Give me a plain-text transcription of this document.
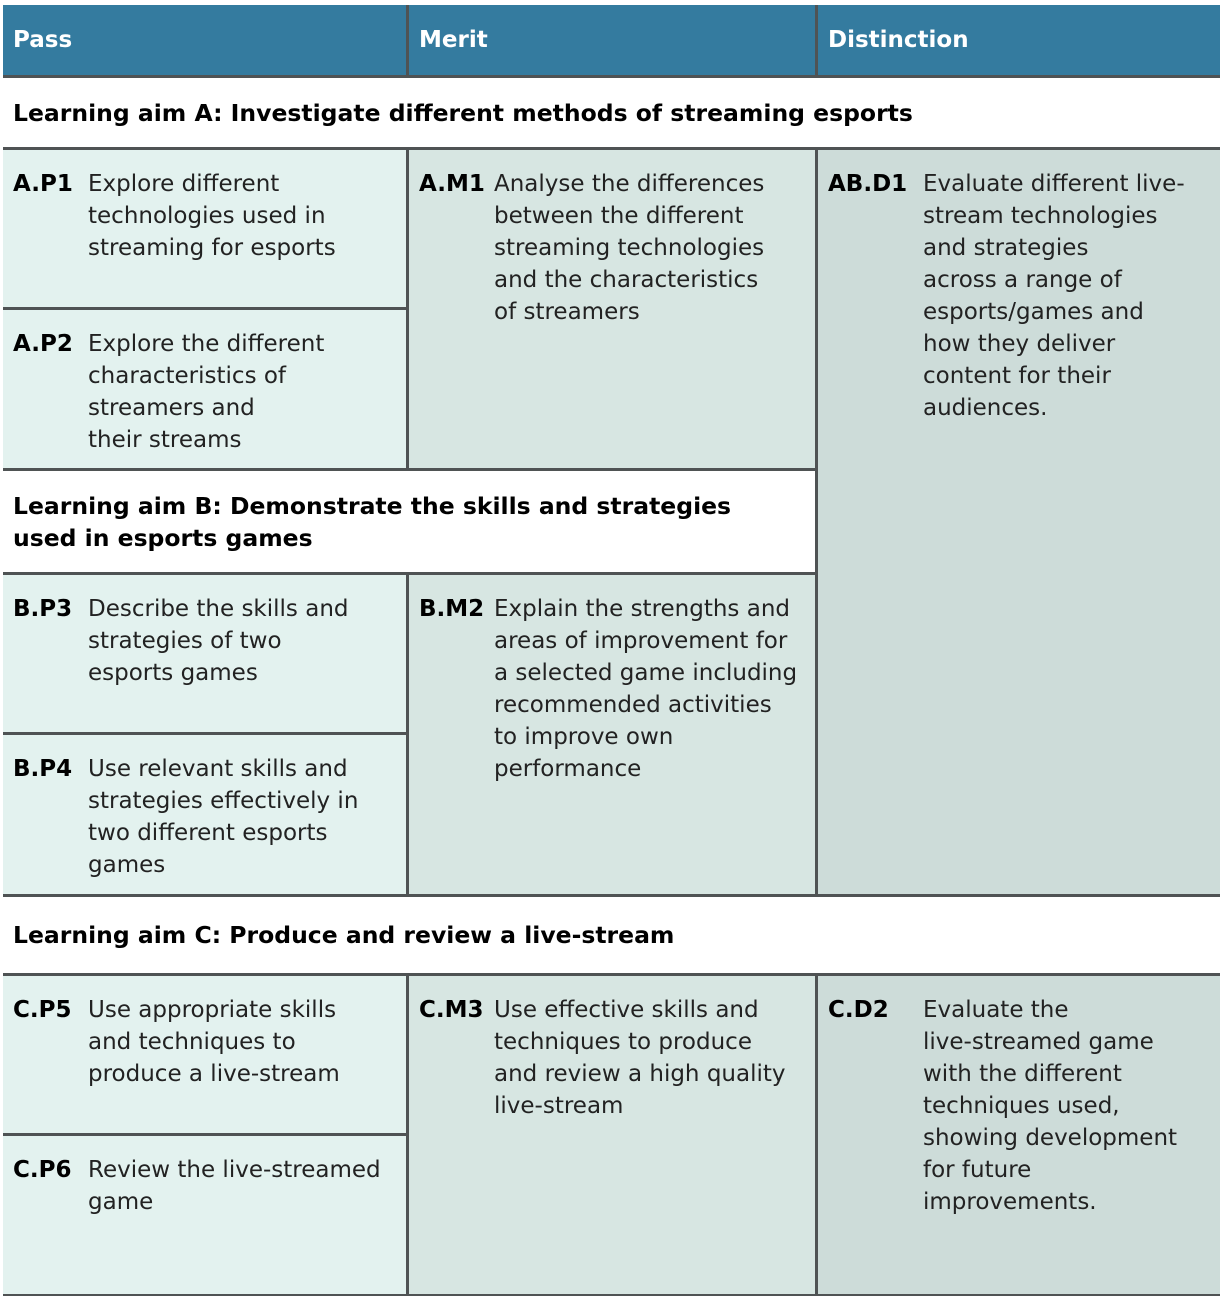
Pass	Merit	Distinction
Learning aim A: Investigate different methods of streaming esports
A.P1 Explore different
technologies used in
streaming for esports
A.P2 Explore the different
characteristics of
streamers and
their streams
A.M1 Analyse the differences
between the different
streaming technologies
and the characteristics
of streamers
AB.D1 Evaluate different live-
stream technologies
and strategies
across a range of
esports/games and
how they deliver
content for their
audiences.
Learning aim B: Demonstrate the skills and strategies
used in esports games
B.P3 Describe the skills and
strategies of two
esports games
B.P4 Use relevant skills and
strategies effectively in
two different esports
games
B.M2 Explain the strengths and
areas of improvement for
a selected game including
recommended activities
to improve own
performance
Learning aim C: Produce and review a live-stream
C.P5 Use appropriate skills
and techniques to
produce a live-stream
C.P6 Review the live-streamed
game
C.M3 Use effective skills and
techniques to produce
and review a high quality
live-stream
C.D2 Evaluate the
live-streamed game
with the different
techniques used,
showing development
for future
improvements.
